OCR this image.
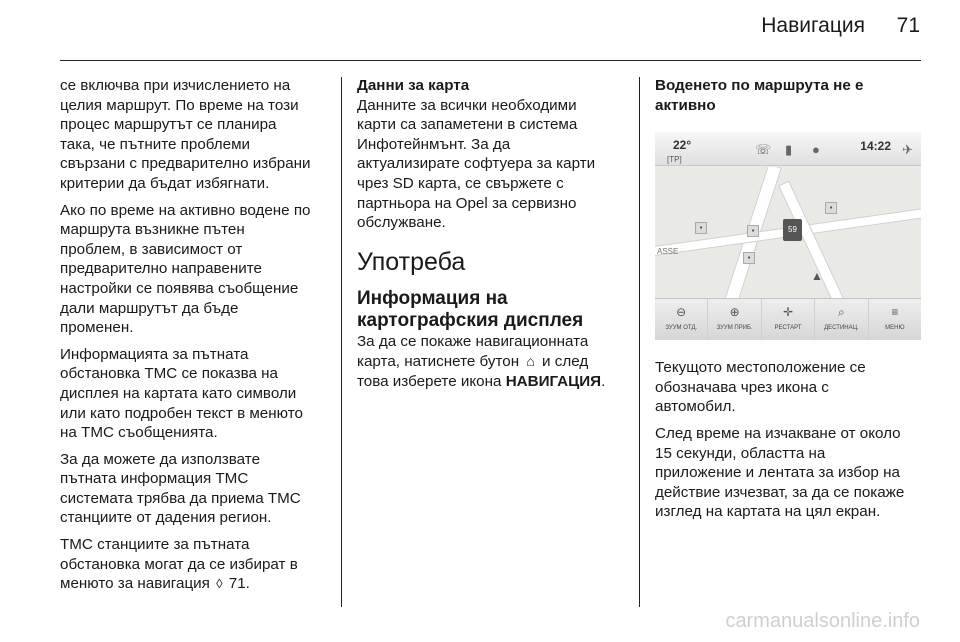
Навигация 71

се включва при изчислението на
целия маршрут. По време на този
процес маршрутът се планира
така, че пътните проблеми
свързани с предварително избрани
критерии да бъдат избягнати.

Ако по време на активно водене по
маршрута възникне пътен
проблем, в зависимост от
предварително направените
настройки се появява съобщение
дали маршрутът да бъде
променен.

Информацията за пътната
обстановка TMC се показва на
дисплея на картата като символи
или като подробен текст в менюто
на TMC съобщенията.

За да можете да използвате
пътната информация TMC
системата трябва да приема TMC
станциите от дадения регион.

TMC станциите за пътната
обстановка могат да се избират в
менюто за навигация ◊ 71.

Данни за карта

Данните за всички необходими
карти са запаметени в система
Инфотейнмънт. За да
актуализирате софтуера за карти
чрез SD карта, се свържете с
партньора на Opel за сервизно
обслужване.

Употреба
Информация на
картографския дисплея

За да се покаже навигационната
карта, натиснете бутон ⌂ и след
това изберете икона НАВИГАЦИЯ.

Воденето по маршрута не е
активно
22°
[TP]
☏ ▮ ●	14:22 ✈
▪	▪
▪
▪
59
ASSE
▲
⊖
ЗУУМ ОТД.
⊕
ЗУУМ ПРИБ.
✛
РЕСТАРТ
⌕
ДЕСТИНАЦ.
≡
МЕНЮ

Текущото местоположение се
обозначава чрез икона с
автомобил.

След време на изчакване от около
15 секунди, областта на
приложение и лентата за избор на
действие изчезват, за да се покаже
изглед на картата на цял екран.

carmanualsonline.info
